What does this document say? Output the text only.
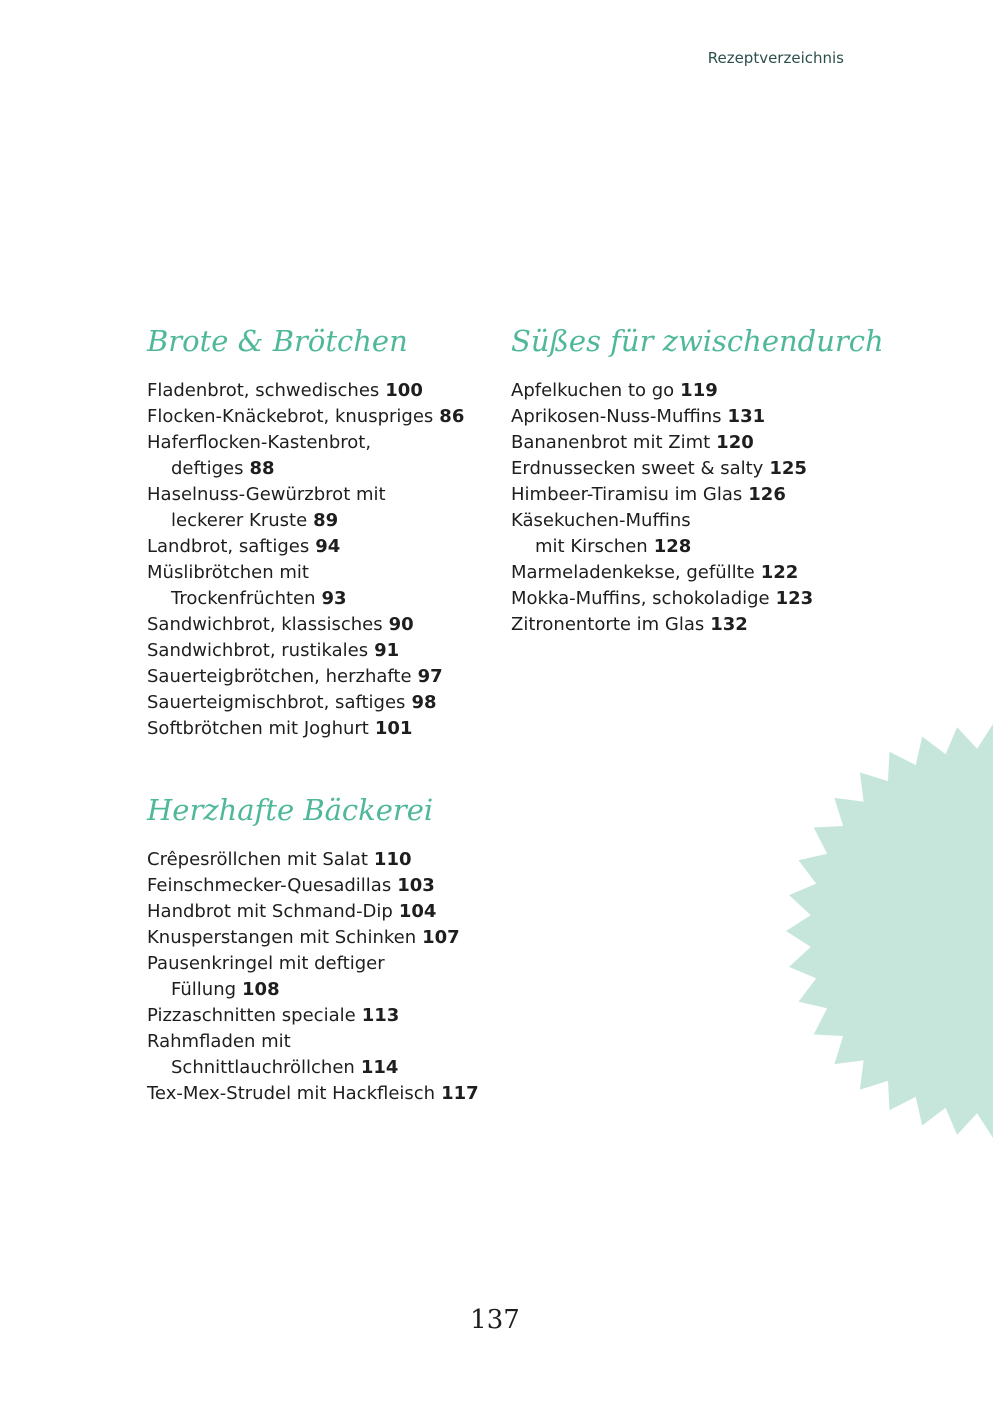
Rezeptverzeichnis
Brote & Brötchen
Fladenbrot, schwedisches 100
Flocken-Knäckebrot, knuspriges 86
Haferflocken-Kastenbrot,
deftiges 88
Haselnuss-Gewürzbrot mit
leckerer Kruste 89
Landbrot, saftiges 94
Müslibrötchen mit
Trockenfrüchten 93
Sandwichbrot, klassisches 90
Sandwichbrot, rustikales 91
Sauerteigbrötchen, herzhafte 97
Sauerteigmischbrot, saftiges 98
Softbrötchen mit Joghurt 101
Herzhafte Bäckerei
Crêpesröllchen mit Salat 110
Feinschmecker-Quesadillas 103
Handbrot mit Schmand-Dip 104
Knusperstangen mit Schinken 107
Pausenkringel mit deftiger
Füllung 108
Pizzaschnitten speciale 113
Rahmfladen mit
Schnittlauchröllchen 114
Tex-Mex-Strudel mit Hackfleisch 117
Süßes für zwischendurch
Apfelkuchen to go 119
Aprikosen-Nuss-Muffins 131
Bananenbrot mit Zimt 120
Erdnussecken sweet & salty 125
Himbeer-Tiramisu im Glas 126
Käsekuchen-Muffins
mit Kirschen 128
Marmeladenkekse, gefüllte 122
Mokka-Muffins, schokoladige 123
Zitronentorte im Glas 132
137
